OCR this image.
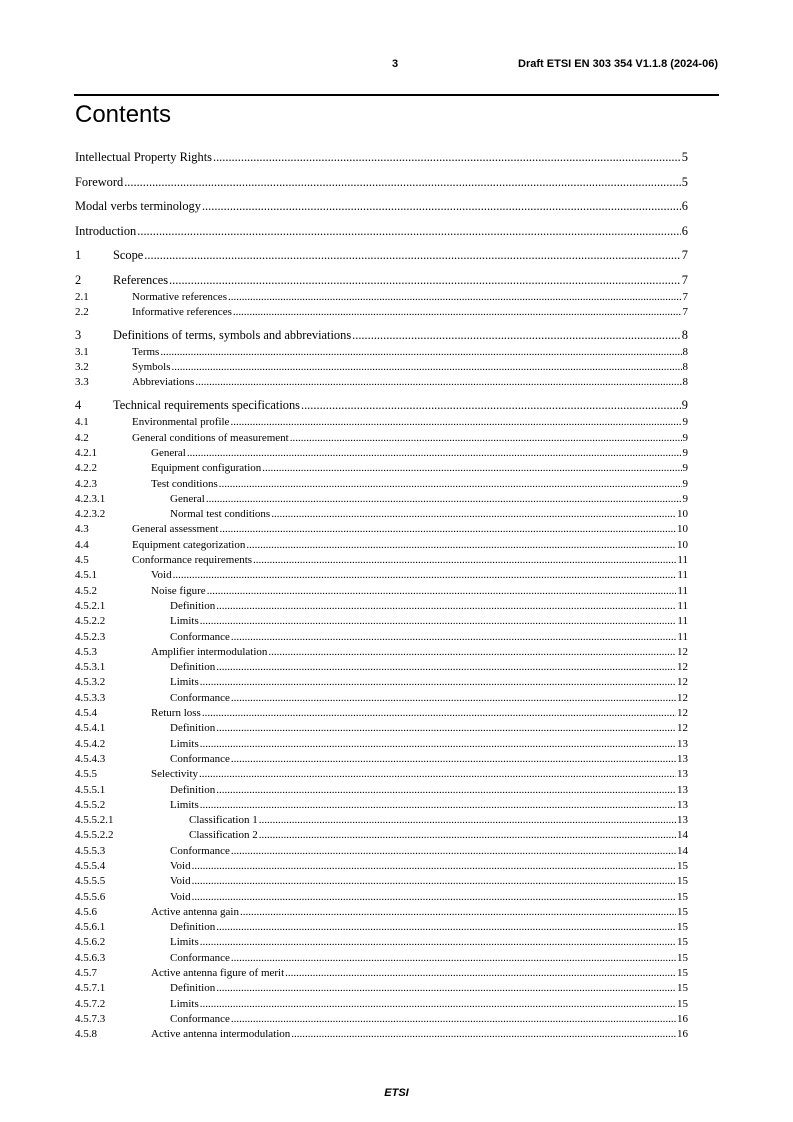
3	Draft ETSI EN 303 354 V1.1.8 (2024-06)
Contents
Intellectual Property Rights .....	5
Foreword .....	5
Modal verbs terminology .....	6
Introduction .....	6
1	Scope .....	7
2	References .....	7
2.1	Normative references .....	7
2.2	Informative references .....	7
3	Definitions of terms, symbols and abbreviations .....	8
3.1	Terms .....	8
3.2	Symbols .....	8
3.3	Abbreviations .....	8
4	Technical requirements specifications .....	9
4.1	Environmental profile .....	9
4.2	General conditions of measurement .....	9
4.2.1	General .....	9
4.2.2	Equipment configuration .....	9
4.2.3	Test conditions .....	9
4.2.3.1	General .....	9
4.2.3.2	Normal test conditions .....	10
4.3	General assessment .....	10
4.4	Equipment categorization .....	10
4.5	Conformance requirements .....	11
4.5.1	Void .....	11
4.5.2	Noise figure .....	11
4.5.2.1	Definition .....	11
4.5.2.2	Limits .....	11
4.5.2.3	Conformance .....	11
4.5.3	Amplifier intermodulation .....	12
4.5.3.1	Definition .....	12
4.5.3.2	Limits .....	12
4.5.3.3	Conformance .....	12
4.5.4	Return loss .....	12
4.5.4.1	Definition .....	12
4.5.4.2	Limits .....	13
4.5.4.3	Conformance .....	13
4.5.5	Selectivity .....	13
4.5.5.1	Definition .....	13
4.5.5.2	Limits .....	13
4.5.5.2.1	Classification 1 .....	13
4.5.5.2.2	Classification 2 .....	14
4.5.5.3	Conformance .....	14
4.5.5.4	Void .....	15
4.5.5.5	Void .....	15
4.5.5.6	Void .....	15
4.5.6	Active antenna gain .....	15
4.5.6.1	Definition .....	15
4.5.6.2	Limits .....	15
4.5.6.3	Conformance .....	15
4.5.7	Active antenna figure of merit .....	15
4.5.7.1	Definition .....	15
4.5.7.2	Limits .....	15
4.5.7.3	Conformance .....	16
4.5.8	Active antenna intermodulation .....	16
ETSI
